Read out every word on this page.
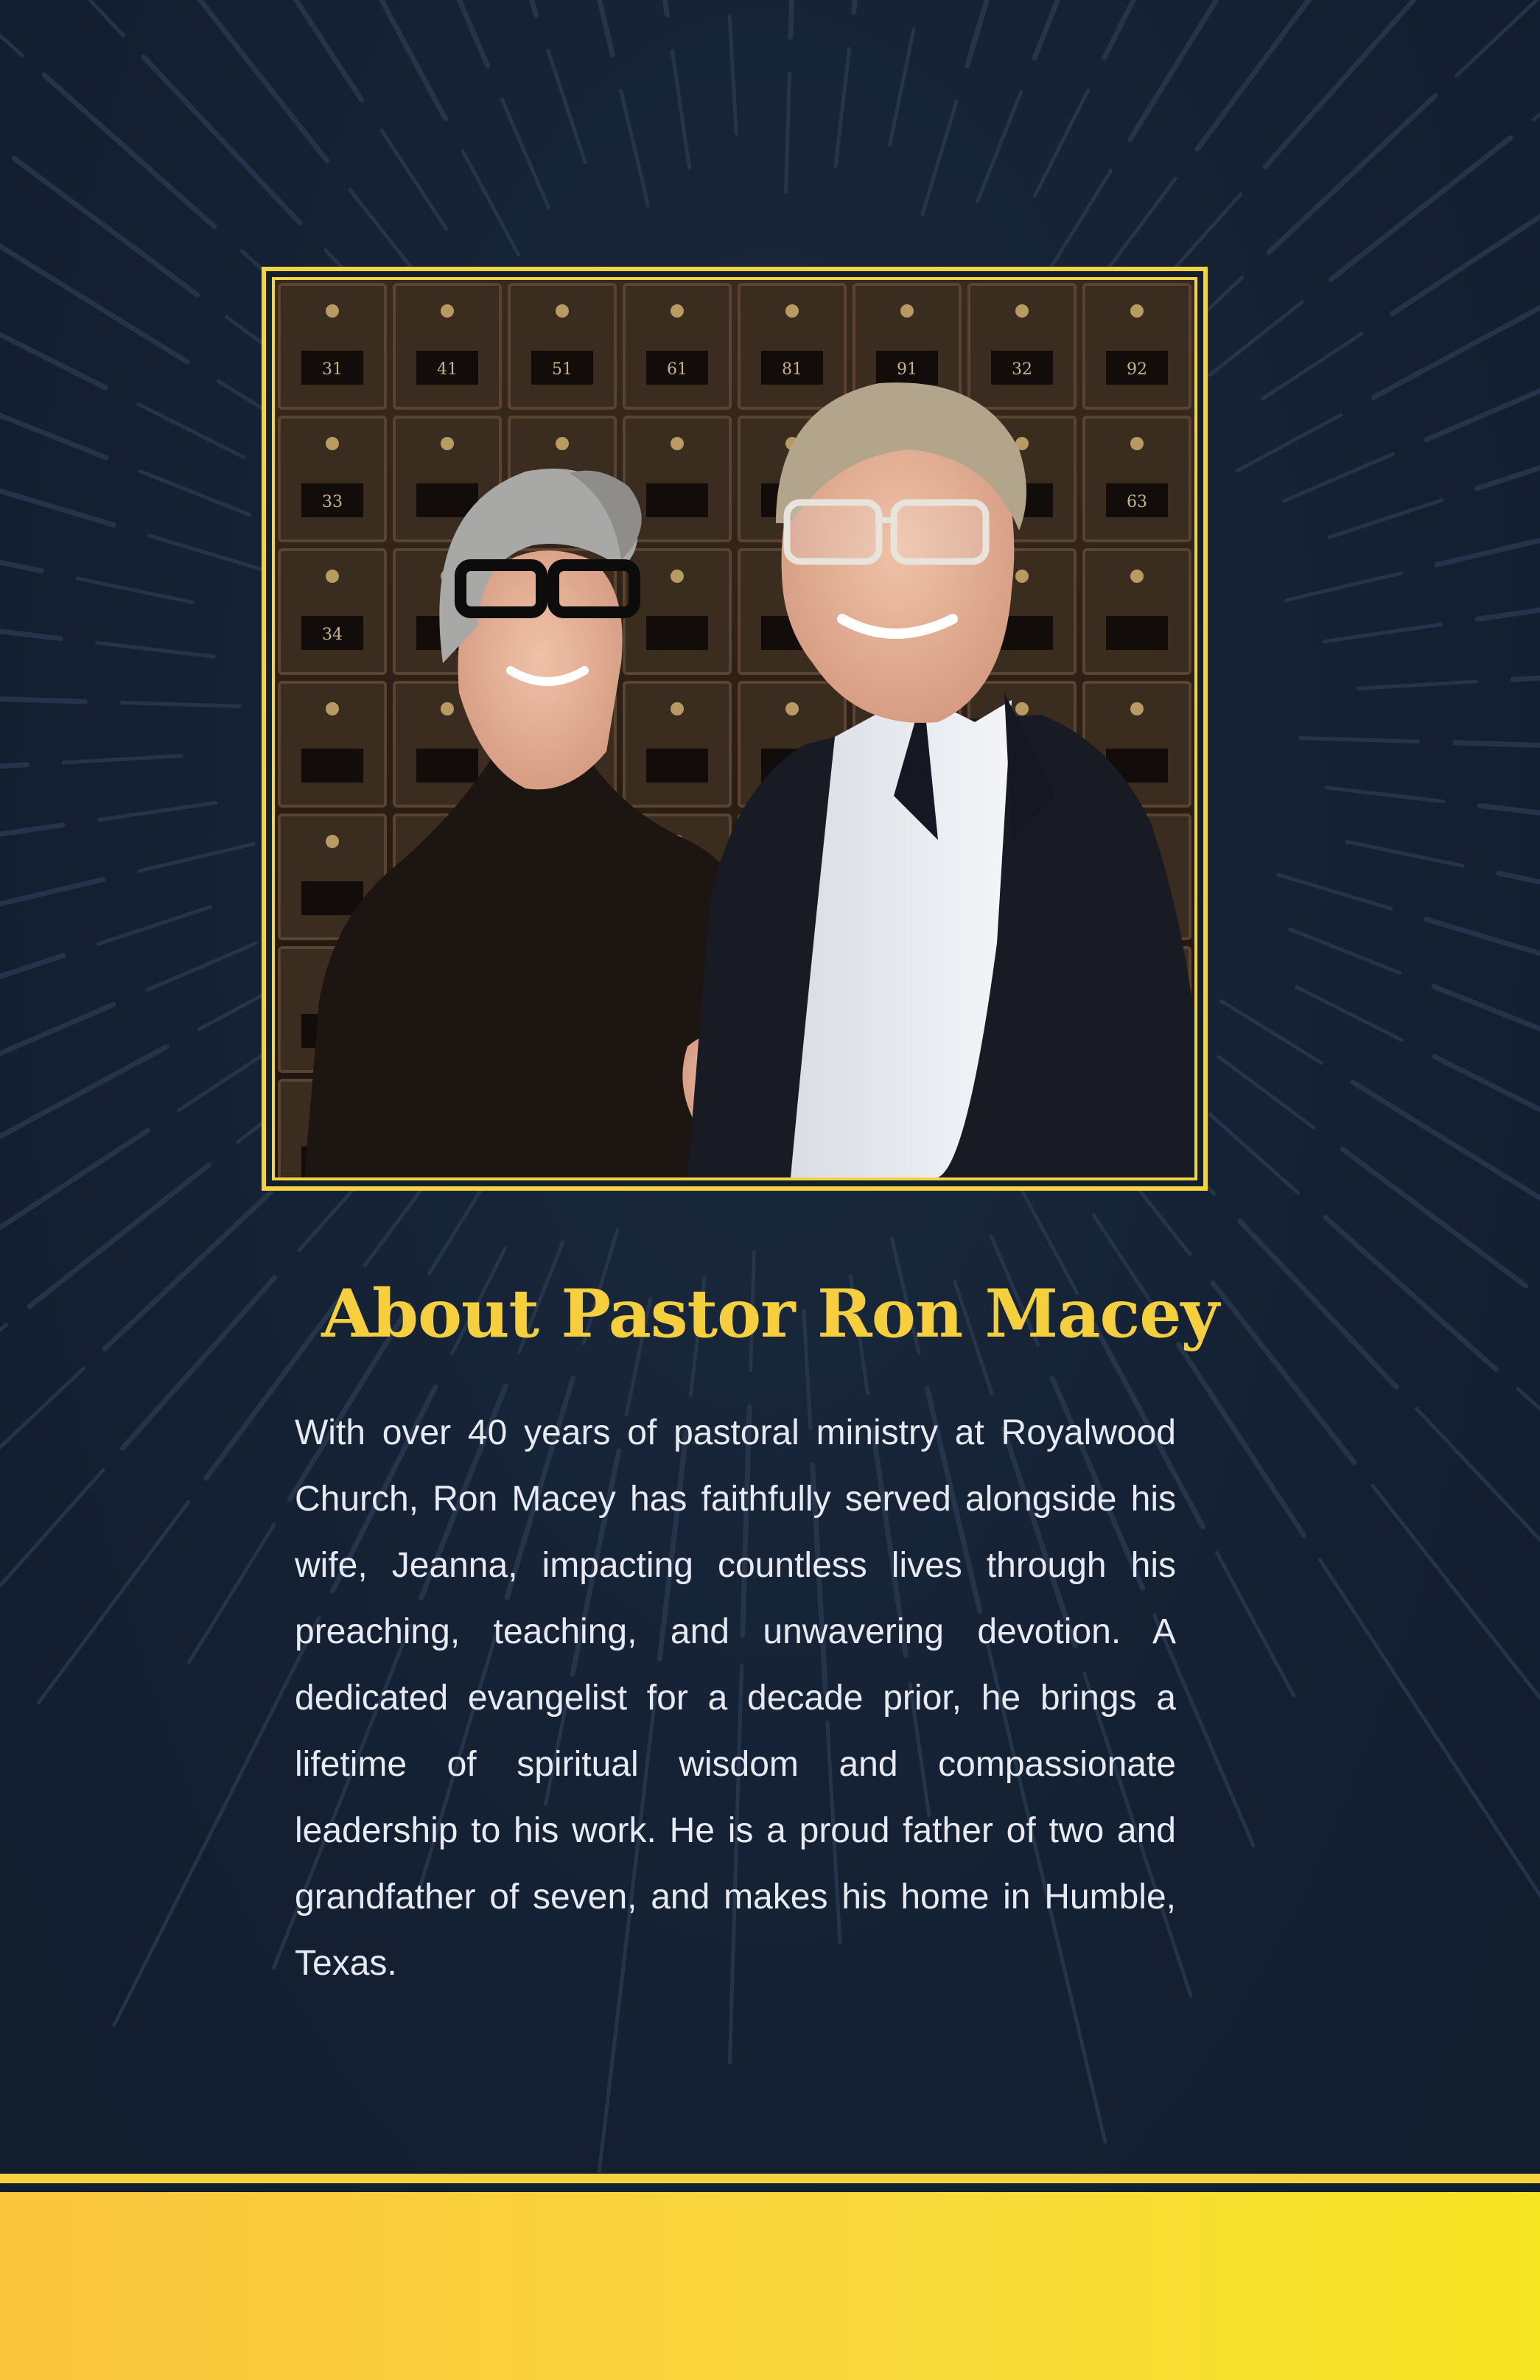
31	41	51	61	81	91	32	92
33	63
34
About Pastor Ron Macey

With over 40 years of pastoral ministry at Royalwood Church, Ron Macey has faithfully served alongside his wife, Jeanna, impacting countless lives through his preaching, teaching, and unwavering devotion. A dedicated evangelist for a decade prior, he brings a lifetime of spiritual wisdom and compassionate leadership to his work. He is a proud father of two and grandfather of seven, and makes his home in Humble, Texas.
